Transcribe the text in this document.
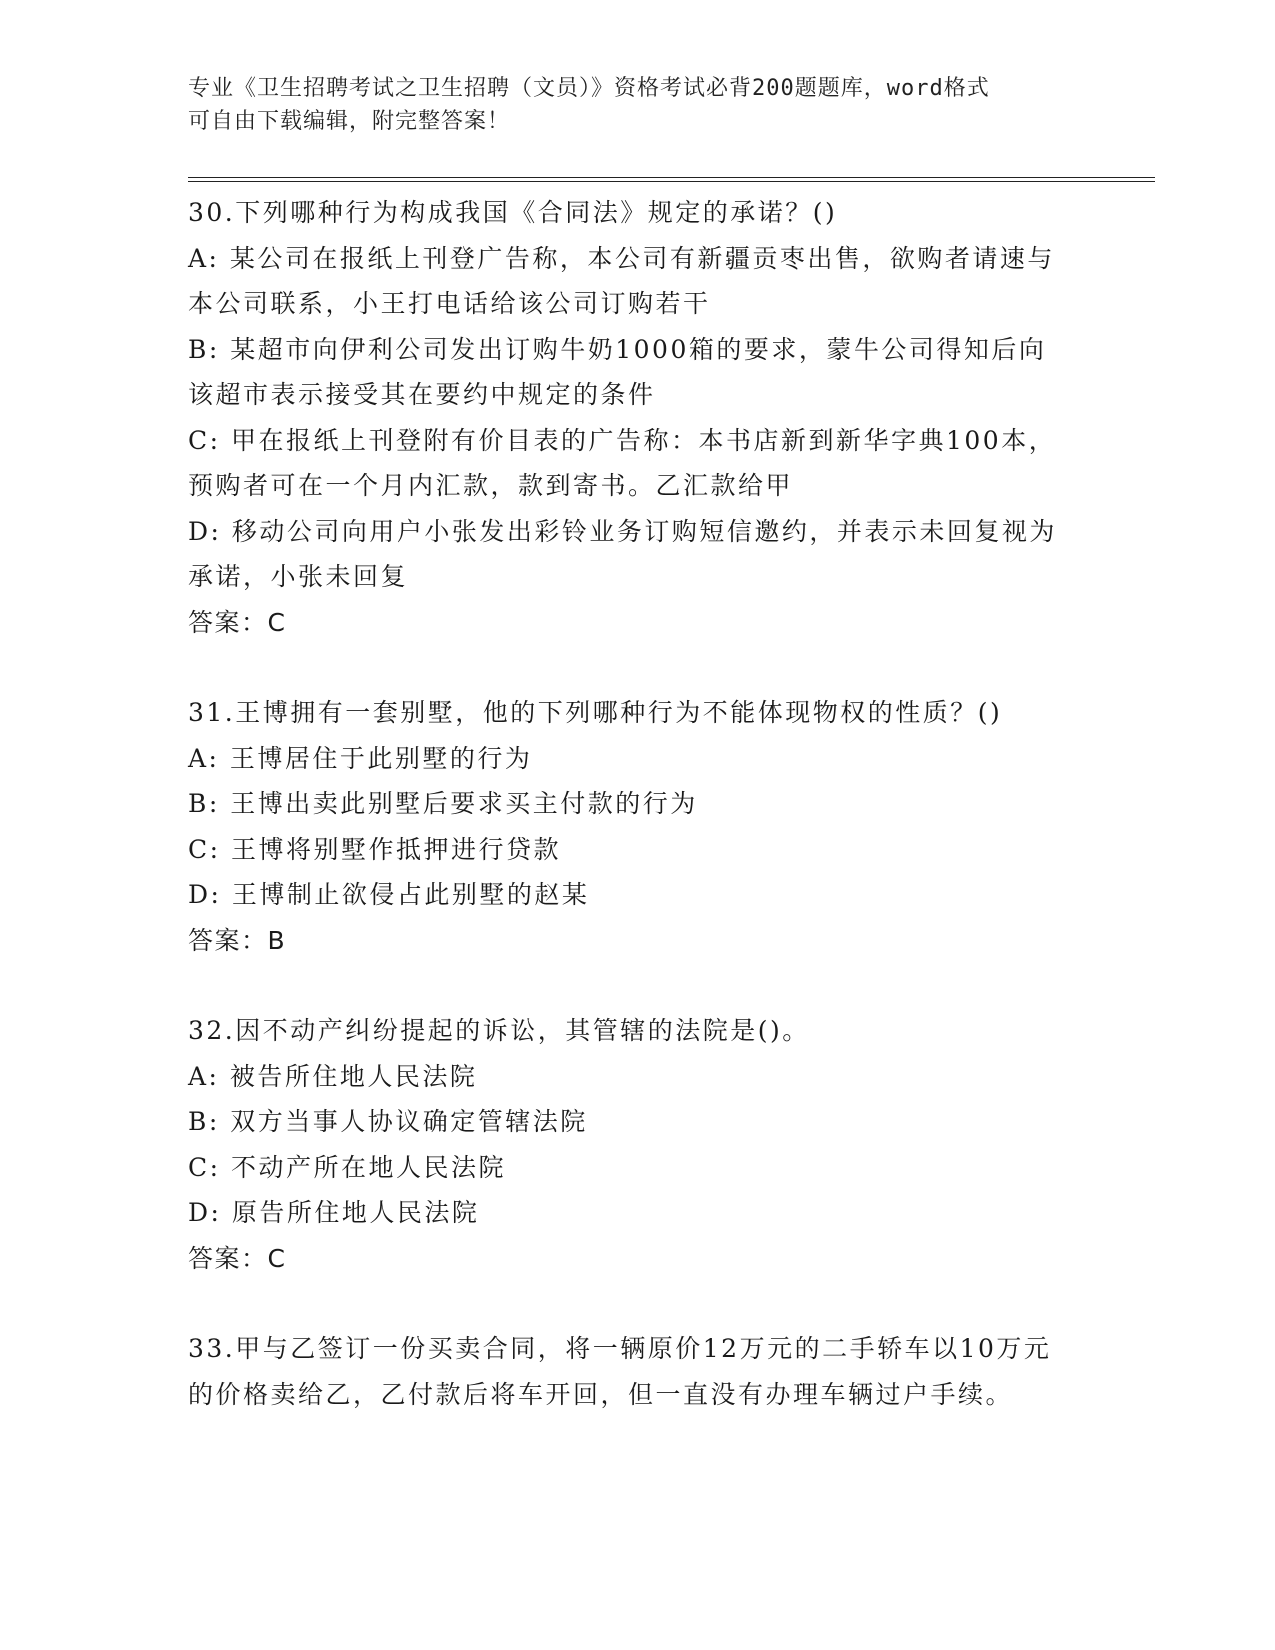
专业《卫生招聘考试之卫生招聘（文员）》资格考试必背200题题库，word格式
可自由下载编辑，附完整答案！

30.下列哪种行为构成我国《合同法》规定的承诺？()

A: 某公司在报纸上刊登广告称，本公司有新疆贡枣出售，欲购者请速与本公司联系，小王打电话给该公司订购若干

B: 某超市向伊利公司发出订购牛奶1000箱的要求，蒙牛公司得知后向该超市表示接受其在要约中规定的条件

C: 甲在报纸上刊登附有价目表的广告称：本书店新到新华字典100本，预购者可在一个月内汇款，款到寄书。乙汇款给甲

D: 移动公司向用户小张发出彩铃业务订购短信邀约，并表示未回复视为承诺，小张未回复

答案：C

31.王博拥有一套别墅，他的下列哪种行为不能体现物权的性质？()

A: 王博居住于此别墅的行为

B: 王博出卖此别墅后要求买主付款的行为

C: 王博将别墅作抵押进行贷款

D: 王博制止欲侵占此别墅的赵某

答案：B

32.因不动产纠纷提起的诉讼，其管辖的法院是()。

A: 被告所住地人民法院

B: 双方当事人协议确定管辖法院

C: 不动产所在地人民法院

D: 原告所住地人民法院

答案：C

33.甲与乙签订一份买卖合同，将一辆原价12万元的二手轿车以10万元的价格卖给乙，乙付款后将车开回，但一直没有办理车辆过户手续。
